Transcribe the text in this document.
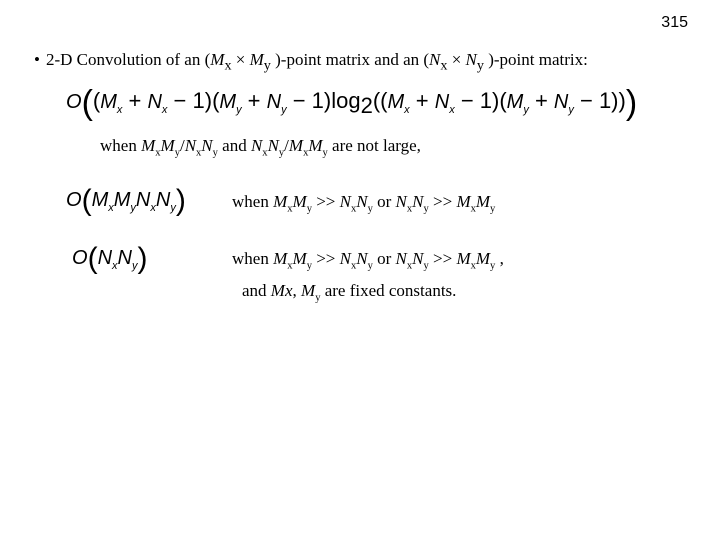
315
• 2-D Convolution of an ($M_x \times M_y$ )-point matrix and an ($N_x \times N_y$ )-point matrix:
$O((M_x + N_x - 1)(M_y + N_y - 1)\log_2((M_x + N_x - 1)(M_y + N_y - 1)))$
when $M_xM_y/N_xN_y$ and $N_xN_y/M_xM_y$ are not large,
$O(M_xM_yN_xN_y)$	when $M_xM_y >> N_xN_y$ or $N_xN_y >> M_xM_y$
$O(N_xN_y)$	when $M_xM_y >> N_xN_y$ or $N_xN_y >> M_xM_y$ ,
and Mx, $M_y$ are fixed constants.
